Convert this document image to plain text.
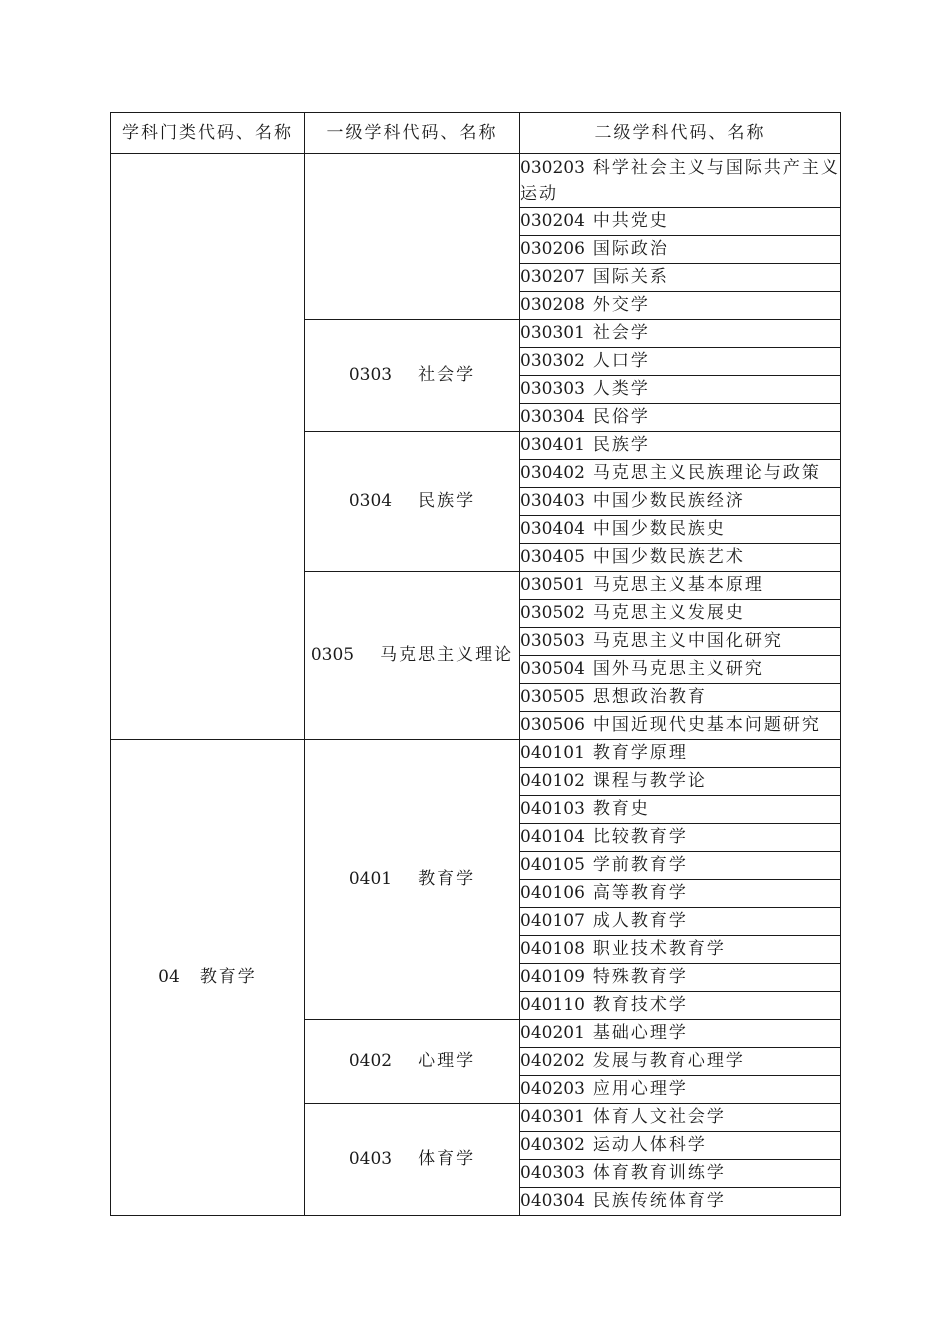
学科门类代码、名称	一级学科代码、名称	二级学科代码、名称
		030203 科学社会主义与国际共产主义运动
		030204 中共党史
		030206 国际政治
		030207 国际关系
		030208 外交学
	0303 社会学	030301 社会学
		030302 人口学
		030303 人类学
		030304 民俗学
	0304 民族学	030401 民族学
		030402 马克思主义民族理论与政策
		030403 中国少数民族经济
		030404 中国少数民族史
		030405 中国少数民族艺术
	0305 马克思主义理论	030501 马克思主义基本原理
		030502 马克思主义发展史
		030503 马克思主义中国化研究
		030504 国外马克思主义研究
		030505 思想政治教育
		030506 中国近现代史基本问题研究
04 教育学	0401 教育学	040101 教育学原理
		040102 课程与教学论
		040103 教育史
		040104 比较教育学
		040105 学前教育学
		040106 高等教育学
		040107 成人教育学
		040108 职业技术教育学
		040109 特殊教育学
		040110 教育技术学
	0402 心理学	040201 基础心理学
		040202 发展与教育心理学
		040203 应用心理学
	0403 体育学	040301 体育人文社会学
		040302 运动人体科学
		040303 体育教育训练学
		040304 民族传统体育学
